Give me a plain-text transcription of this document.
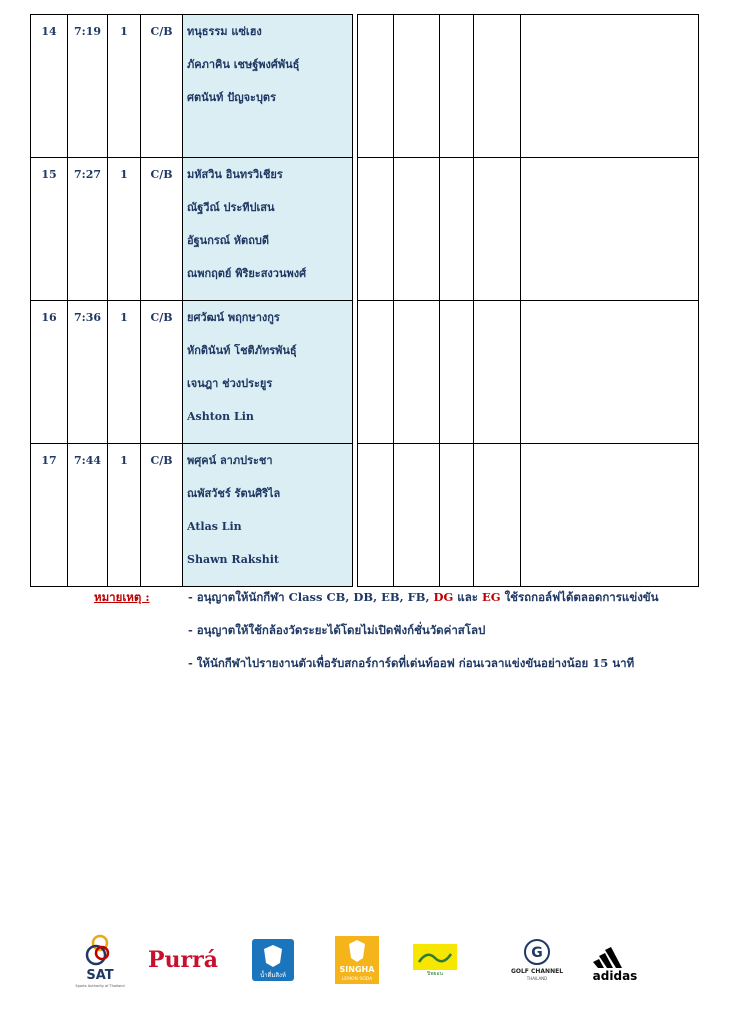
14	7:19	1	C/B	ทนุธรรม แซ่เฮง
ภัคภาคิน เชษฐ์พงศ์พันธุ์
ศตนันท์ ปัญจะบุตร						

15	7:27	1	C/B	มหัสวิน อินทรวิเชียร
ณัฐวีณ์ ประทีปเสน
อัฐนกรณ์ หัตถบดี
ณพกฤตย์ พิริยะสงวนพงศ์						

16	7:36	1	C/B	ยศวัฒน์ พฤกษางกูร
หักดินันท์ โชติภัทรพันธุ์
เจนฎา ช่วงประยูร
Ashton Lin						

17	7:44	1	C/B	พศุคน์ ลาภประชา
ณพัสวัชร์ รัตนศิริไล
Atlas Lin
Shawn Rakshit						

หมายเหตุ :	- อนุญาตให้นักกีฬา Class CB, DB, EB, FB, DG และ EG ใช้รถกอล์ฟได้ตลอดการแข่งขัน
- อนุญาตให้ใช้กล้องวัดระยะได้โดยไม่เปิดฟังก์ชั่นวัดค่าสโลป
- ให้นักกีฬาไปรายงานตัวเพื่อรับสกอร์การ์ดที่เต่นท์ออฟ ก่อนเวลาแข่งขันอย่างน้อย 15 นาที
SAT
Sports Authority of Thailand
Purrá
น้ำดื่มสิงห์
SINGHA
LEMON SODA
ปิพยอน
G
GOLF CHANNEL
THAILAND	adidas
